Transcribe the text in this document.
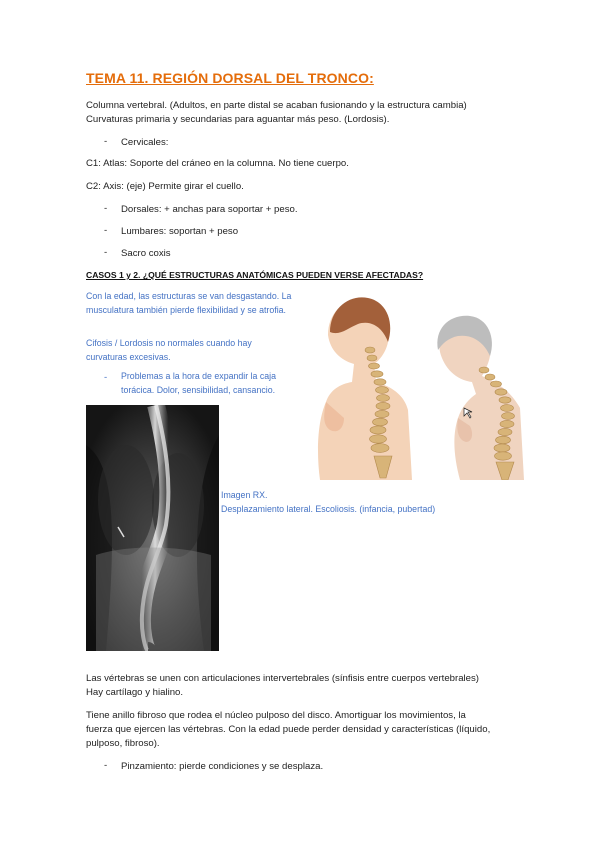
TEMA 11. REGIÓN DORSAL DEL TRONCO:
Columna vertebral. (Adultos, en parte distal se acaban fusionando y la estructura cambia)
Curvaturas primaria y secundarias para aguantar más peso. (Lordosis).
- Cervicales:
C1: Atlas: Soporte del cráneo en la columna. No tiene cuerpo.
C2: Axis: (eje) Permite girar el cuello.
- Dorsales: + anchas para soportar + peso.
- Lumbares: soportan + peso
- Sacro coxis
CASOS 1 y 2. ¿QUÉ ESTRUCTURAS ANATÓMICAS PUEDEN VERSE AFECTADAS?
Con la edad, las estructuras se van desgastando. La musculatura también pierde flexibilidad y se atrofia.
Cifosis / Lordosis no normales cuando hay curvaturas excesivas.
- Problemas a la hora de expandir la caja torácica. Dolor, sensibilidad, cansancio.
Imagen RX.
Desplazamiento lateral. Escoliosis. (infancia, pubertad)
Las vértebras se unen con articulaciones intervertebrales (sínfisis entre cuerpos vertebrales)
Hay cartílago y hialino.
Tiene anillo fibroso que rodea el núcleo pulposo del disco. Amortiguar los movimientos, la
fuerza que ejercen las vértebras. Con la edad puede perder densidad y características (líquido,
pulposo, fibroso).
- Pinzamiento: pierde condiciones y se desplaza.
